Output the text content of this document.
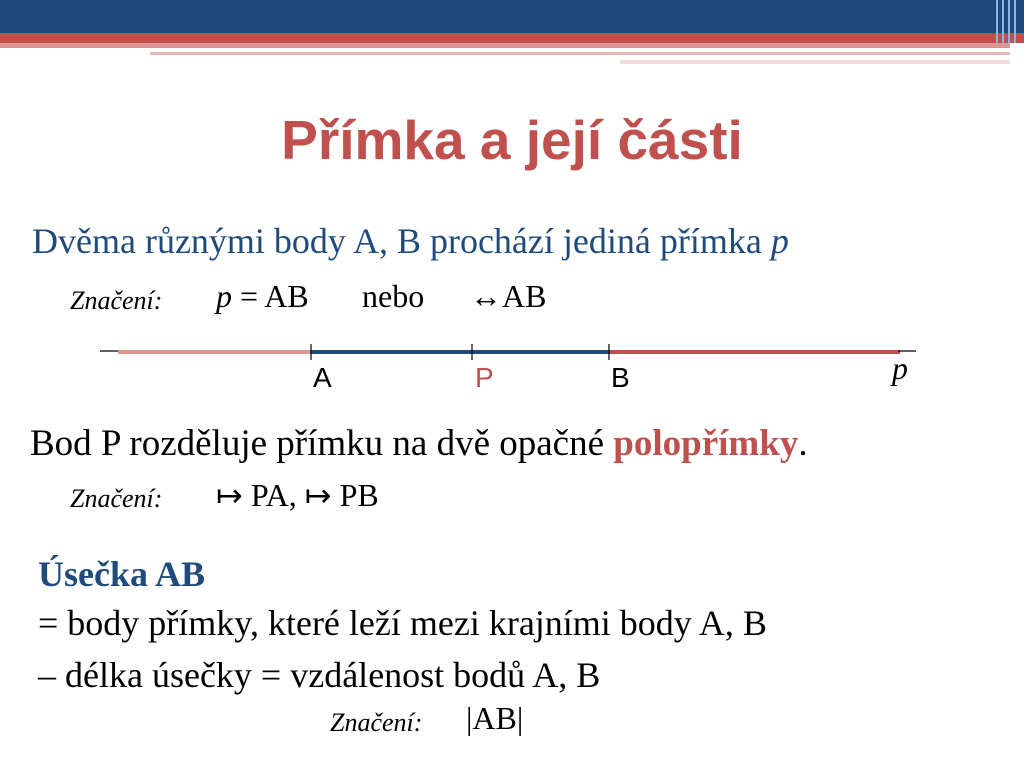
Přímka a její části
Dvěma různými body A, B prochází jediná přímka p
Značení: p = AB nebo ↔AB
A	P	B	p
Bod P rozděluje přímku na dvě opačné polopřímky.
Značení: ↦ PA, ↦ PB
Úsečka AB
= body přímky, které leží mezi krajními body A, B
– délka úsečky = vzdálenost bodů A, B
Značení: |AB|
